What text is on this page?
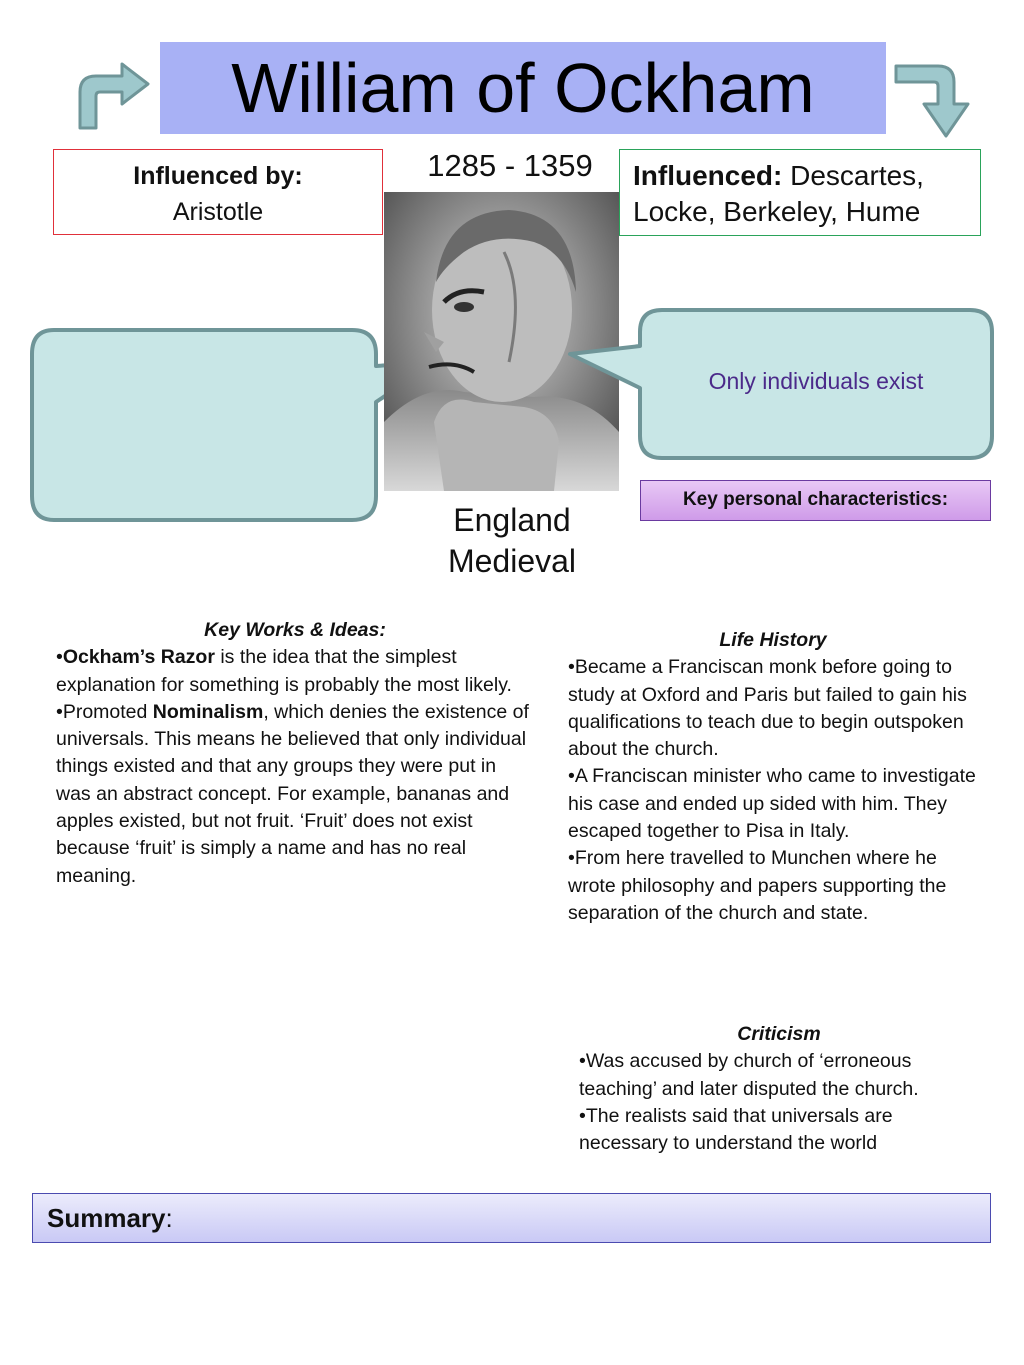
William of Ockham
Influenced by:
Aristotle
1285 - 1359	Influenced: Descartes, Locke, Berkeley, Hume
Only individuals exist
Key personal characteristics:
England
Medieval

Key Works & Ideas:

•Ockham’s Razor is the idea that the simplest explanation for something is probably the most likely.

•Promoted Nominalism, which denies the existence of universals. This means he believed that only individual things existed and that any groups they were put in was an abstract concept. For example, bananas and apples existed, but not fruit. ‘Fruit’ does not exist because ‘fruit’ is simply a name and has no real meaning.

Life History

•Became a Franciscan monk before going to study at Oxford and Paris but failed to gain his qualifications to teach due to begin outspoken about the church.

•A Franciscan minister who came to investigate his case and ended up sided with him. They escaped together to Pisa in Italy.

•From here travelled to Munchen where he wrote philosophy and papers supporting the separation of the church and state.

Criticism

•Was accused by church of ‘erroneous teaching’ and later disputed the church.

•The realists said that universals are necessary to understand the world

Summary:
